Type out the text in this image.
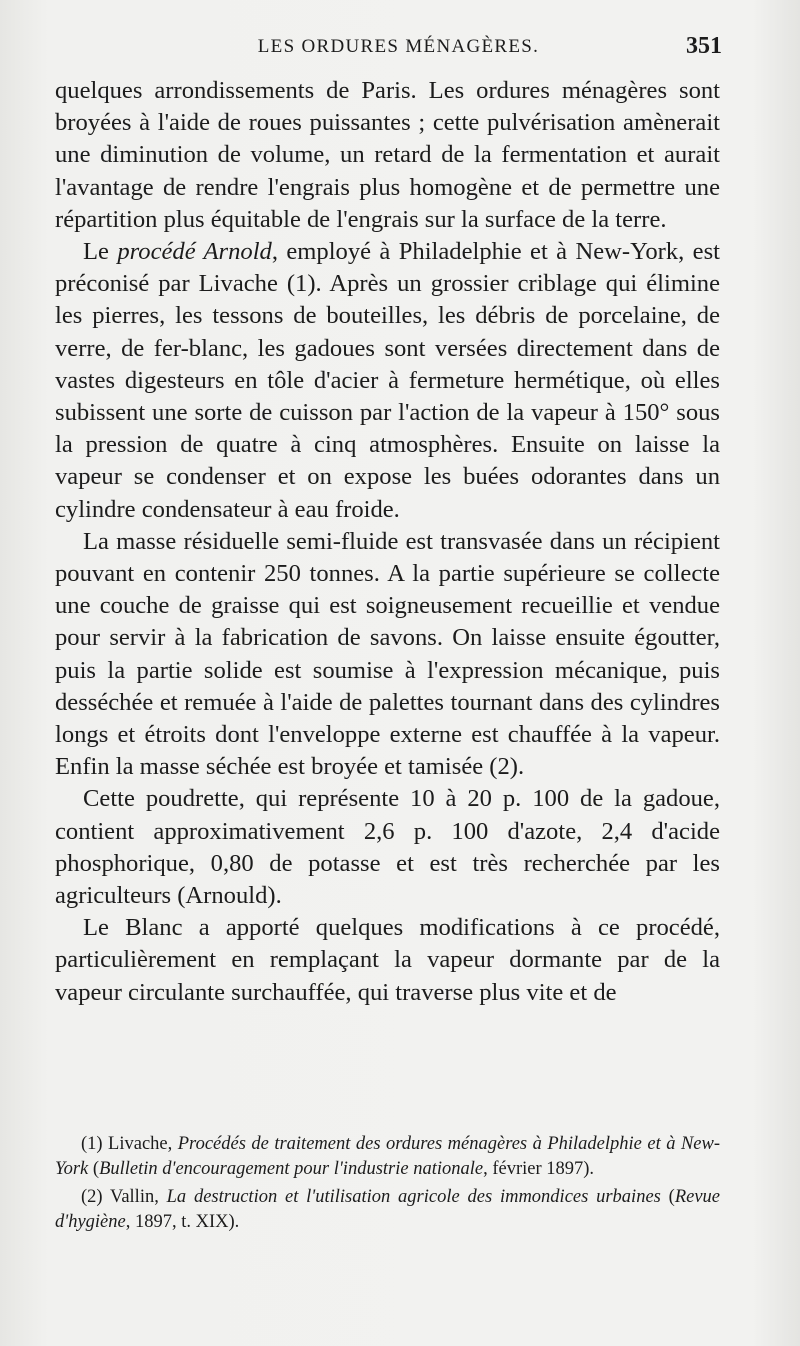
LES ORDURES MÉNAGÈRES.	351

quelques arrondissements de Paris. Les ordures ménagères sont broyées à l'aide de roues puissantes ; cette pulvérisation amènerait une diminution de volume, un retard de la fermentation et aurait l'avantage de rendre l'engrais plus homogène et de permettre une répartition plus équitable de l'engrais sur la surface de la terre.

Le procédé Arnold, employé à Philadelphie et à New-York, est préconisé par Livache (1). Après un grossier criblage qui élimine les pierres, les tessons de bouteilles, les débris de porcelaine, de verre, de fer-blanc, les gadoues sont versées directement dans de vastes digesteurs en tôle d'acier à fermeture hermétique, où elles subissent une sorte de cuisson par l'action de la vapeur à 150° sous la pression de quatre à cinq atmosphères. Ensuite on laisse la vapeur se condenser et on expose les buées odorantes dans un cylindre condensateur à eau froide.

La masse résiduelle semi-fluide est transvasée dans un récipient pouvant en contenir 250 tonnes. A la partie supérieure se collecte une couche de graisse qui est soigneusement recueillie et vendue pour servir à la fabrication de savons. On laisse ensuite égoutter, puis la partie solide est soumise à l'expression mécanique, puis desséchée et remuée à l'aide de palettes tournant dans des cylindres longs et étroits dont l'enveloppe externe est chauffée à la vapeur. Enfin la masse séchée est broyée et tamisée (2).

Cette poudrette, qui représente 10 à 20 p. 100 de la gadoue, contient approximativement 2,6 p. 100 d'azote, 2,4 d'acide phosphorique, 0,80 de potasse et est très recherchée par les agriculteurs (Arnould).

Le Blanc a apporté quelques modifications à ce procédé, particulièrement en remplaçant la vapeur dormante par de la vapeur circulante surchauffée, qui traverse plus vite et de

(1) Livache, Procédés de traitement des ordures ménagères à Philadelphie et à New-York (Bulletin d'encouragement pour l'industrie nationale, février 1897).

(2) Vallin, La destruction et l'utilisation agricole des immondices urbaines (Revue d'hygiène, 1897, t. XIX).
